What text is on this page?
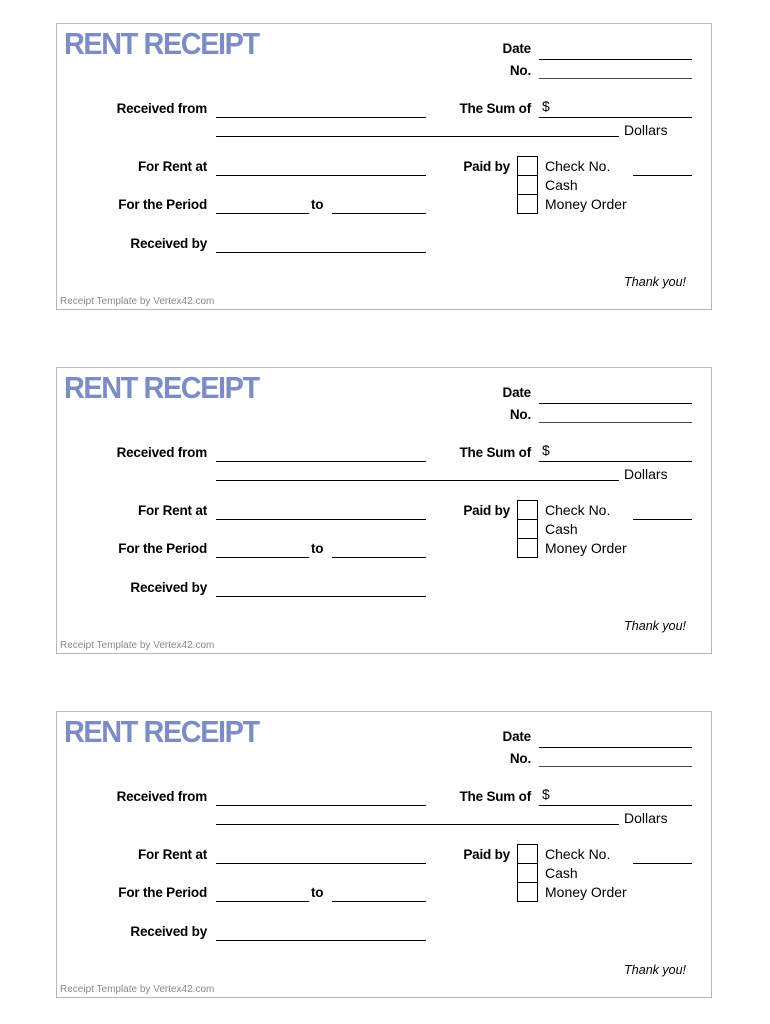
RENT RECEIPT	Date
No.
Received from	The Sum of $
Dollars
For Rent at	Paid by	Check No.
Cash
Money Order
For the Period	to
Received by
Thank you!
Receipt Template by Vertex42.com
RENT RECEIPT	Date
No.
Received from	The Sum of $
Dollars
For Rent at	Paid by	Check No.
Cash
Money Order
For the Period	to
Received by
Thank you!
Receipt Template by Vertex42.com
RENT RECEIPT	Date
No.
Received from	The Sum of $
Dollars
For Rent at	Paid by	Check No.
Cash
Money Order
For the Period	to
Received by
Thank you!
Receipt Template by Vertex42.com
